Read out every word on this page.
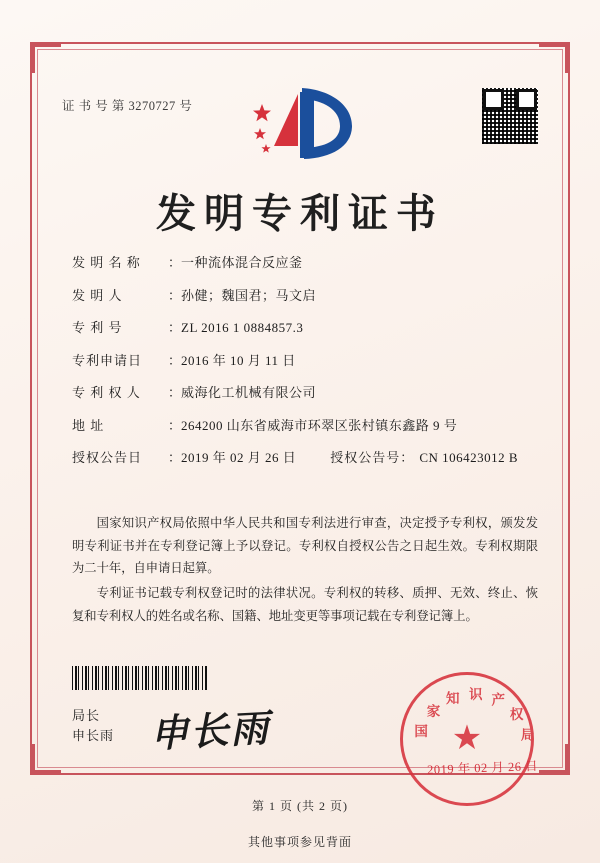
证 书 号 第 3270727 号
发明专利证书
发 明 名 称	： 一种流体混合反应釜
发 明 人	： 孙健；魏国君；马文启
专 利 号	： ZL 2016 1 0884857.3
专利申请日	： 2016 年 10 月 11 日
专 利 权 人	： 威海化工机械有限公司
地 址	： 264200 山东省威海市环翠区张村镇东鑫路 9 号
授权公告日	： 2019 年 02 月 26 日	授权公告号 ： CN 106423012 B

国家知识产权局依照中华人民共和国专利法进行审查，决定授予专利权，颁发发明专利证书并在专利登记簿上予以登记。专利权自授权公告之日起生效。专利权期限为二十年，自申请日起算。

专利证书记载专利权登记时的法律状况。专利权的转移、质押、无效、终止、恢复和专利权人的姓名或名称、国籍、地址变更等事项记载在专利登记簿上。

局长
申长雨 申长雨	★
国
家
知 识 产
权
局
2019 年 02 月 26 日
第 1 页 (共 2 页)
其他事项参见背面
